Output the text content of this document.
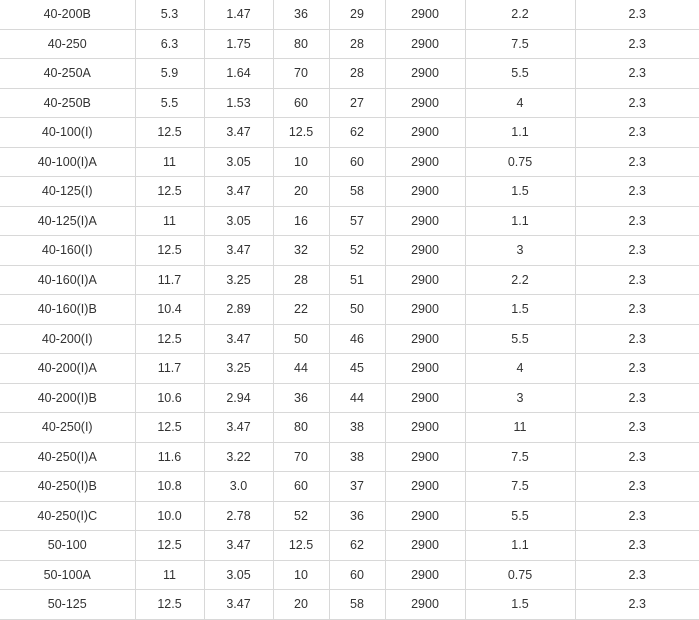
40-200B	5.3	1.47	36	29	2900	2.2	2.3
40-250	6.3	1.75	80	28	2900	7.5	2.3
40-250A	5.9	1.64	70	28	2900	5.5	2.3
40-250B	5.5	1.53	60	27	2900	4	2.3
40-100(I)	12.5	3.47	12.5	62	2900	1.1	2.3
40-100(I)A	11	3.05	10	60	2900	0.75	2.3
40-125(I)	12.5	3.47	20	58	2900	1.5	2.3
40-125(I)A	11	3.05	16	57	2900	1.1	2.3
40-160(I)	12.5	3.47	32	52	2900	3	2.3
40-160(I)A	11.7	3.25	28	51	2900	2.2	2.3
40-160(I)B	10.4	2.89	22	50	2900	1.5	2.3
40-200(I)	12.5	3.47	50	46	2900	5.5	2.3
40-200(I)A	11.7	3.25	44	45	2900	4	2.3
40-200(I)B	10.6	2.94	36	44	2900	3	2.3
40-250(I)	12.5	3.47	80	38	2900	11	2.3
40-250(I)A	11.6	3.22	70	38	2900	7.5	2.3
40-250(I)B	10.8	3.0	60	37	2900	7.5	2.3
40-250(I)C	10.0	2.78	52	36	2900	5.5	2.3
50-100	12.5	3.47	12.5	62	2900	1.1	2.3
50-100A	11	3.05	10	60	2900	0.75	2.3
50-125	12.5	3.47	20	58	2900	1.5	2.3
